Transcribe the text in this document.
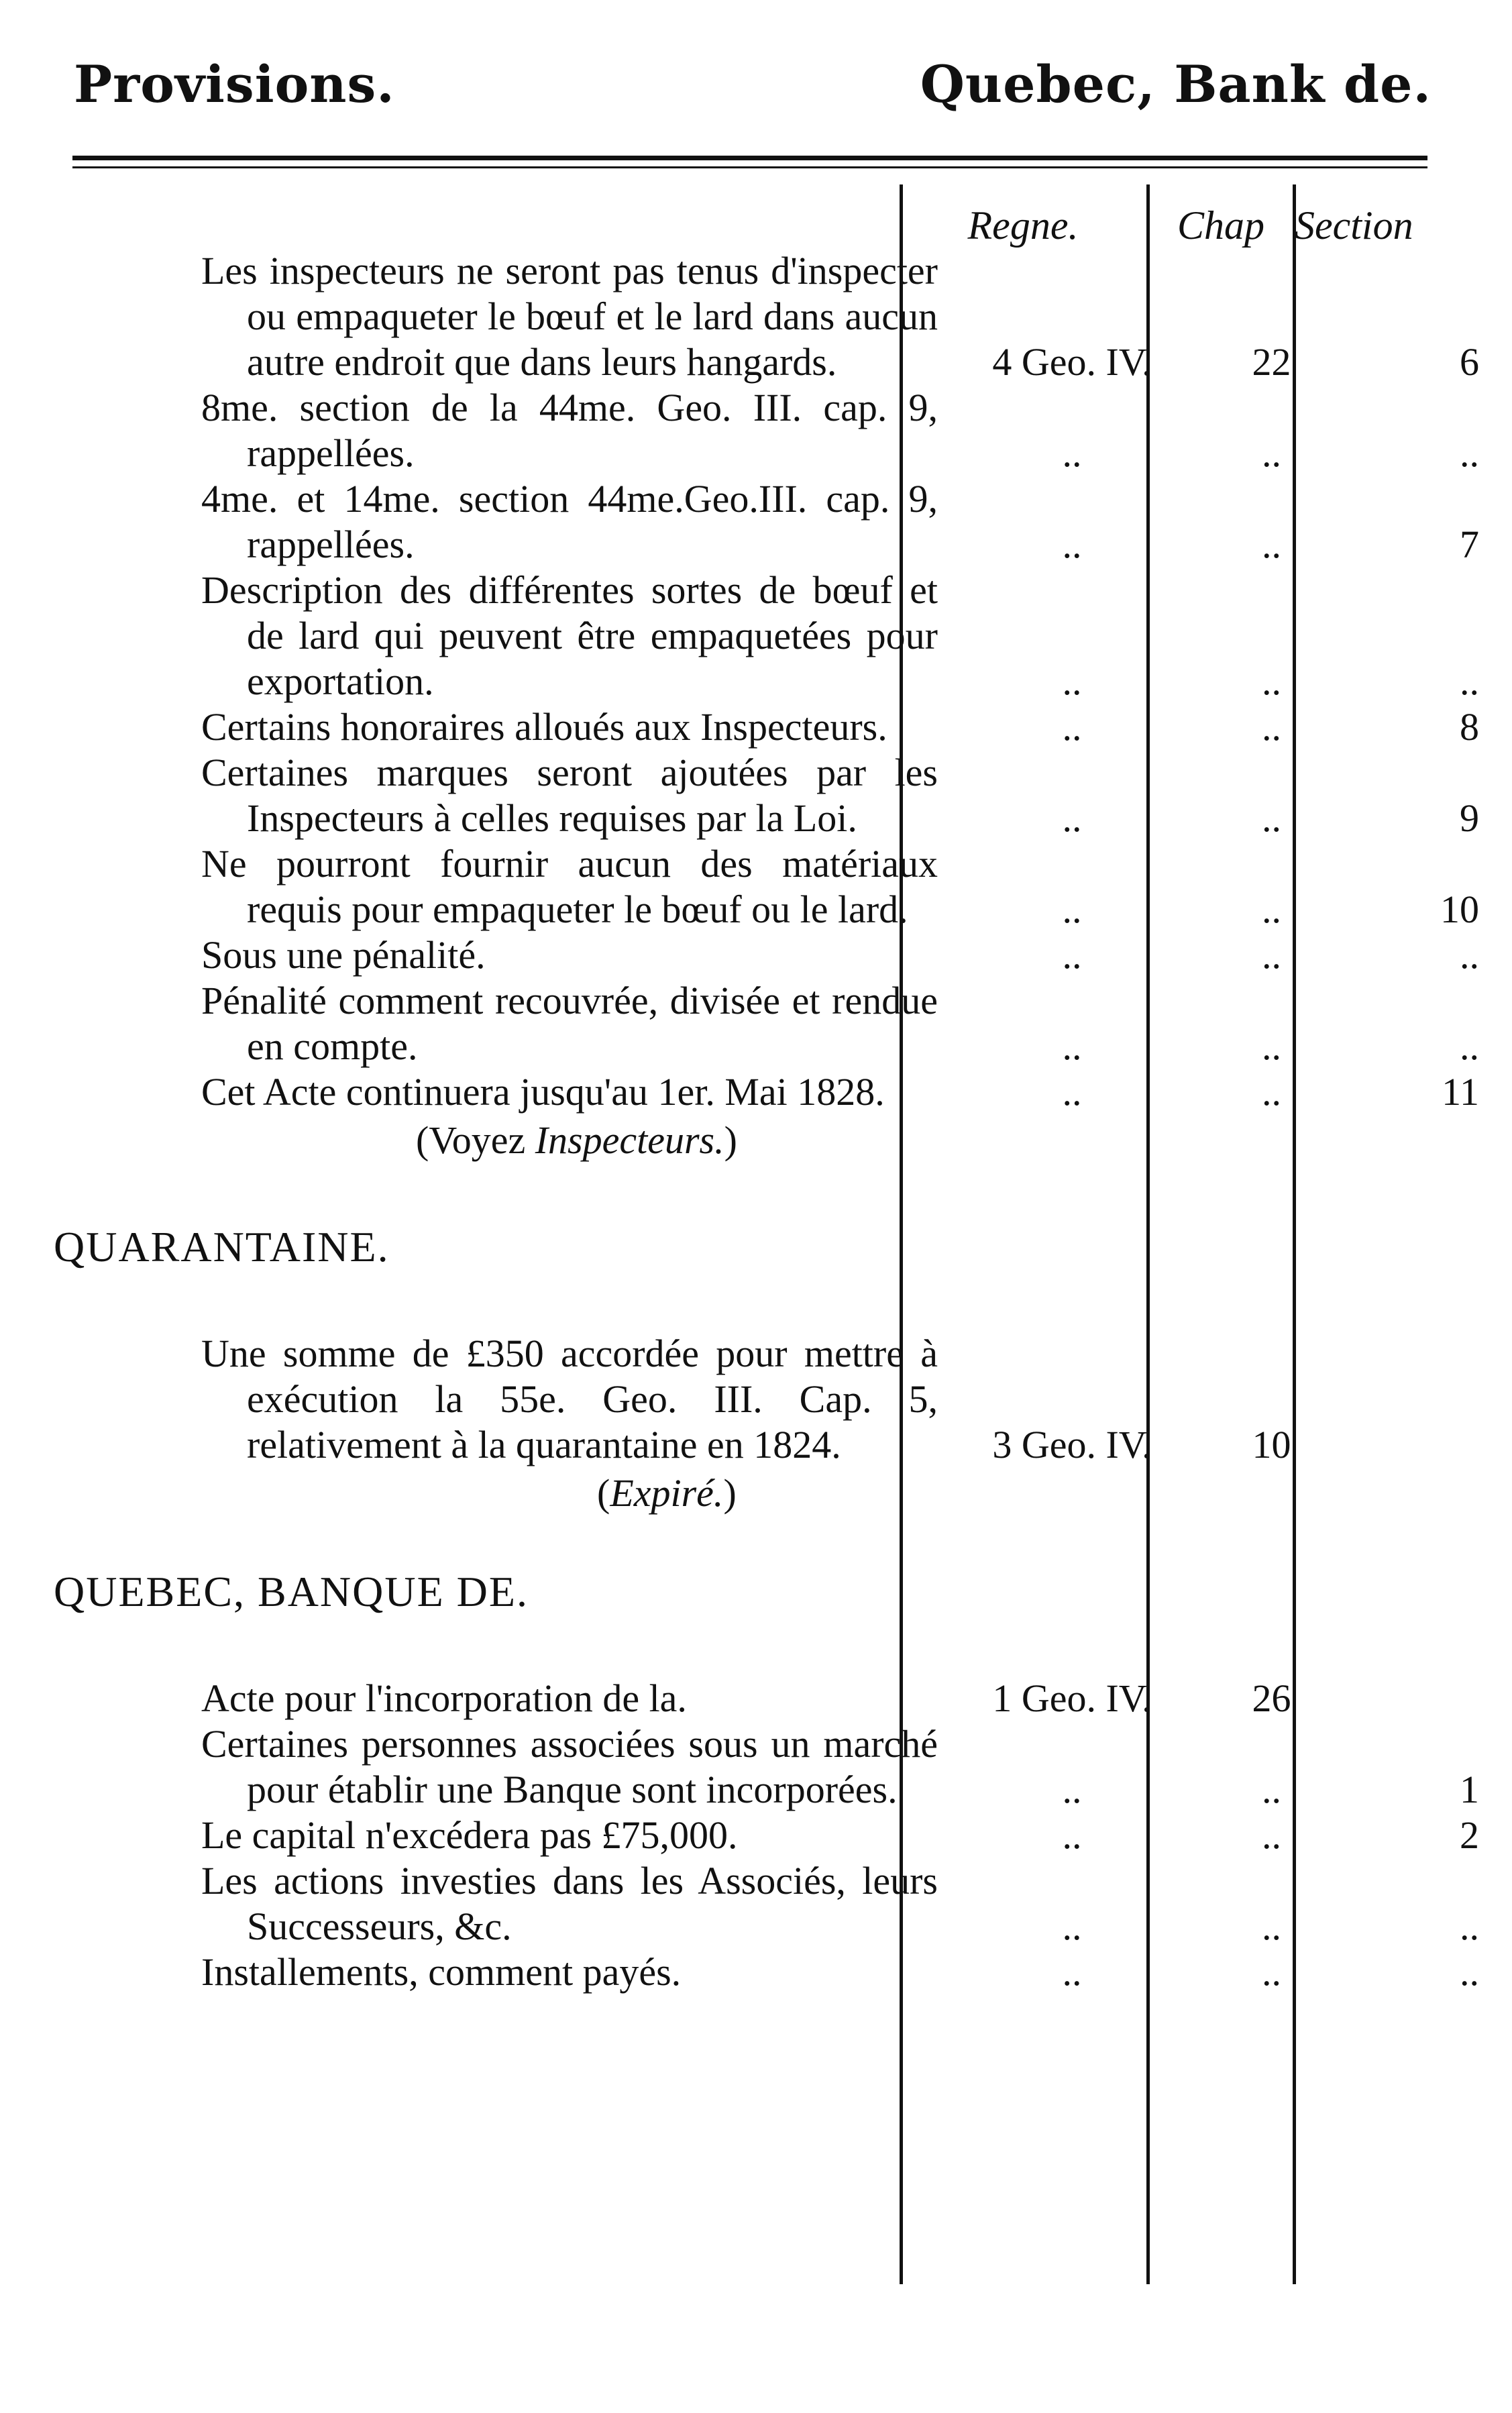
Provisions.	Quebec, Bank de.
Regne.	Chap Section
Les inspecteurs ne seront pas tenus d'inspecter ou empaqueter le bœuf et le lard dans aucun autre endroit que dans leurs hangards.	4 Geo. IV.	22	6
8me. section de la 44me. Geo. III. cap. 9, rappellées.	..	..	..
4me. et 14me. section 44me.Geo.III. cap. 9, rappellées.	..	..	7
Description des différentes sortes de bœuf et de lard qui peuvent être empaquetées pour exportation.	..	..	..
Certains honoraires alloués aux Inspecteurs.	..	..	8
Certaines marques seront ajoutées par les Inspecteurs à celles requises par la Loi.	..	..	9
Ne pourront fournir aucun des matériaux requis pour empaqueter le bœuf ou le lard.	..	..	10
Sous une pénalité.	..	..	..
Pénalité comment recouvrée, divisée et rendue en compte.	..	..	..
Cet Acte continuera jusqu'au 1er. Mai 1828.	..	..	11
(Voyez Inspecteurs.)
QUARANTAINE.
Une somme de £350 accordée pour mettre à exécution la 55e. Geo. III. Cap. 5, relativement à la quarantaine en 1824.	3 Geo. IV.	10
(Expiré.)
QUEBEC, BANQUE DE.
Acte pour l'incorporation de la.	1 Geo. IV.	26
Certaines personnes associées sous un marché pour établir une Banque sont incorporées.	..	..	1
Le capital n'excédera pas £75,000.	..	..	2
Les actions investies dans les Associés, leurs Successeurs, &c.	..	..	..
Installements, comment payés.	..	..	..
